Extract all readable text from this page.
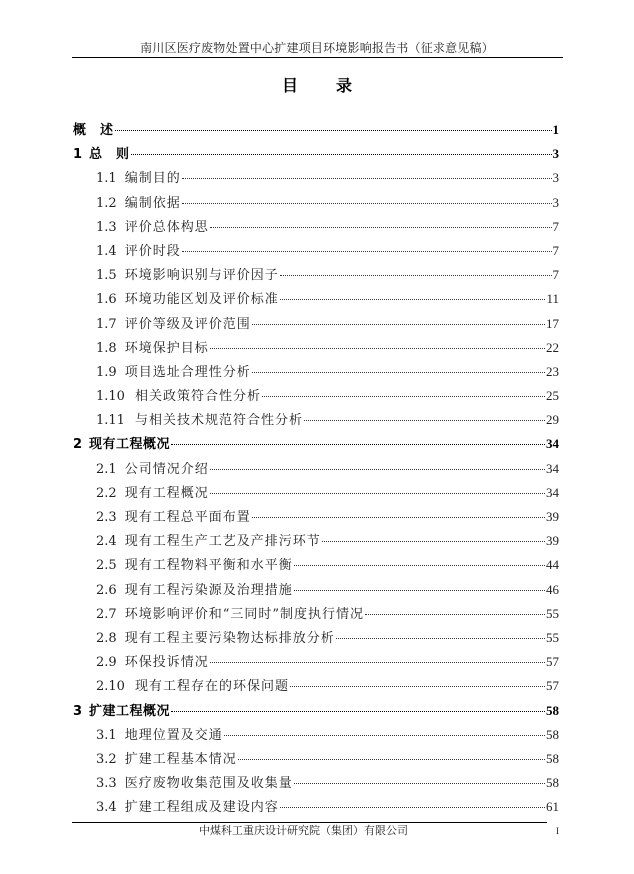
南川区医疗废物处置中心扩建项目环境影响报告书（征求意见稿）
目 录
概　述	1
1 总　则	3
1.1 编制目的	3
1.2 编制依据	3
1.3 评价总体构思	7
1.4 评价时段	7
1.5 环境影响识别与评价因子	7
1.6 环境功能区划及评价标准	11
1.7 评价等级及评价范围	17
1.8 环境保护目标	22
1.9 项目选址合理性分析	23
1.10 相关政策符合性分析	25
1.11 与相关技术规范符合性分析	29
2 现有工程概况	34
2.1 公司情况介绍	34
2.2 现有工程概况	34
2.3 现有工程总平面布置	39
2.4 现有工程生产工艺及产排污环节	39
2.5 现有工程物料平衡和水平衡	44
2.6 现有工程污染源及治理措施	46
2.7 环境影响评价和“三同时”制度执行情况	55
2.8 现有工程主要污染物达标排放分析	55
2.9 环保投诉情况	57
2.10 现有工程存在的环保问题	57
3 扩建工程概况	58
3.1 地理位置及交通	58
3.2 扩建工程基本情况	58
3.3 医疗废物收集范围及收集量	58
3.4 扩建工程组成及建设内容	61
中煤科工重庆设计研究院（集团）有限公司	I
